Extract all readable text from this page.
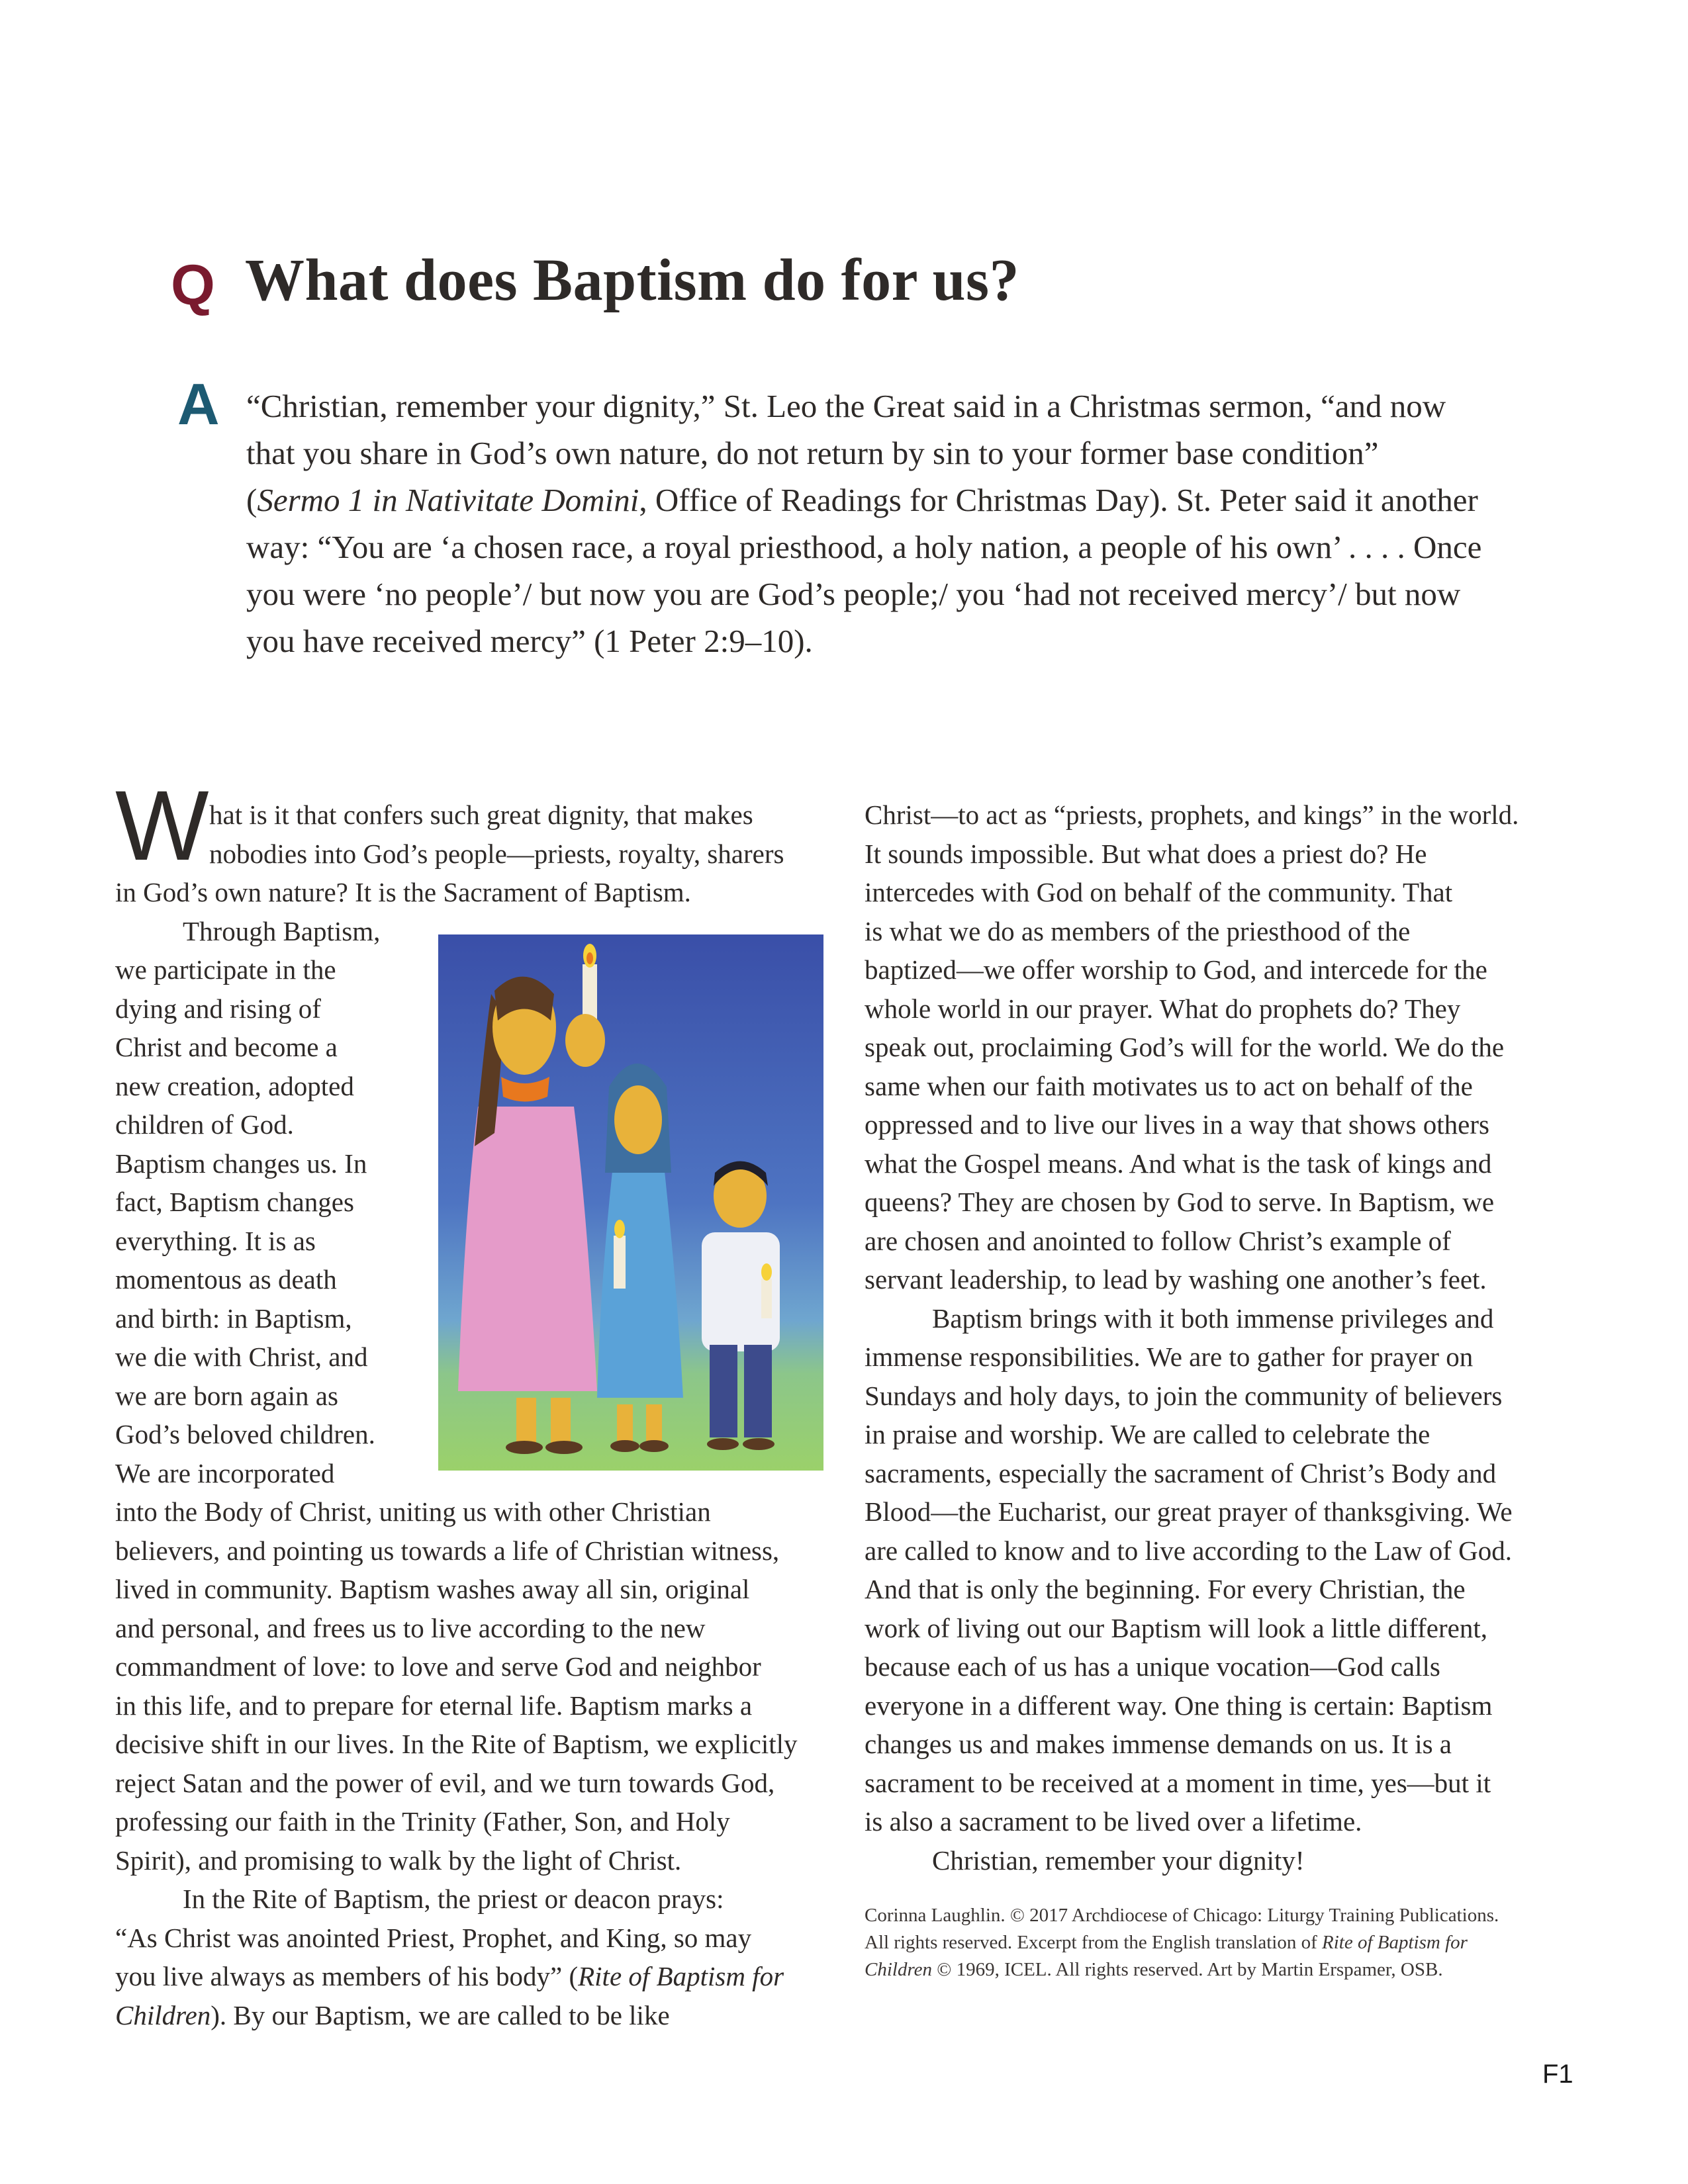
Q What does Baptism do for us?
A “Christian, remember your dignity,” St. Leo the Great said in a Christmas sermon, “and now
that you share in God’s own nature, do not return by sin to your former base condition”
(Sermo 1 in Nativitate Domini, Office of Readings for Christmas Day). St. Peter said it another
way: “You are ‘a chosen race, a royal priesthood, a holy nation, a people of his own’ . . . . Once
you were ‘no people’/ but now you are God’s people;/ you ‘had not received mercy’/ but now
you have received mercy” (1 Peter 2:9–10).
W hat is it that confers such great dignity, that makes
nobodies into God’s people—priests, royalty, sharers
in God’s own nature? It is the Sacrament of Baptism.
Through Baptism,
we participate in the
dying and rising of
Christ and become a
new creation, adopted
children of God.
Baptism changes us. In
fact, Baptism changes
everything. It is as
momentous as death
and birth: in Baptism,
we die with Christ, and
we are born again as
God’s beloved children.
We are incorporated
into the Body of Christ, uniting us with other Christian
believers, and pointing us towards a life of Christian witness,
lived in community. Baptism washes away all sin, original
and personal, and frees us to live according to the new
commandment of love: to love and serve God and neighbor
in this life, and to prepare for eternal life. Baptism marks a
decisive shift in our lives. In the Rite of Baptism, we explicitly
reject Satan and the power of evil, and we turn towards God,
professing our faith in the Trinity (Father, Son, and Holy
Spirit), and promising to walk by the light of Christ.
In the Rite of Baptism, the priest or deacon prays:
“As Christ was anointed Priest, Prophet, and King, so may
you live always as members of his body” (Rite of Baptism for
Children). By our Baptism, we are called to be like
Christ—to act as “priests, prophets, and kings” in the world.
It sounds impossible. But what does a priest do? He
intercedes with God on behalf of the community. That
is what we do as members of the priesthood of the
baptized—we offer worship to God, and intercede for the
whole world in our prayer. What do prophets do? They
speak out, proclaiming God’s will for the world. We do the
same when our faith motivates us to act on behalf of the
oppressed and to live our lives in a way that shows others
what the Gospel means. And what is the task of kings and
queens? They are chosen by God to serve. In Baptism, we
are chosen and anointed to follow Christ’s example of
servant leadership, to lead by washing one another’s feet.
Baptism brings with it both immense privileges and
immense responsibilities. We are to gather for prayer on
Sundays and holy days, to join the community of believers
in praise and worship. We are called to celebrate the
sacraments, especially the sacrament of Christ’s Body and
Blood—the Eucharist, our great prayer of thanksgiving. We
are called to know and to live according to the Law of God.
And that is only the beginning. For every Christian, the
work of living out our Baptism will look a little different,
because each of us has a unique vocation—God calls
everyone in a different way. One thing is certain: Baptism
changes us and makes immense demands on us. It is a
sacrament to be received at a moment in time, yes—but it
is also a sacrament to be lived over a lifetime.
Christian, remember your dignity!
Corinna Laughlin. © 2017 Archdiocese of Chicago: Liturgy Training Publications.
All rights reserved. Excerpt from the English translation of Rite of Baptism for
Children © 1969, ICEL. All rights reserved. Art by Martin Erspamer, OSB.
F1
